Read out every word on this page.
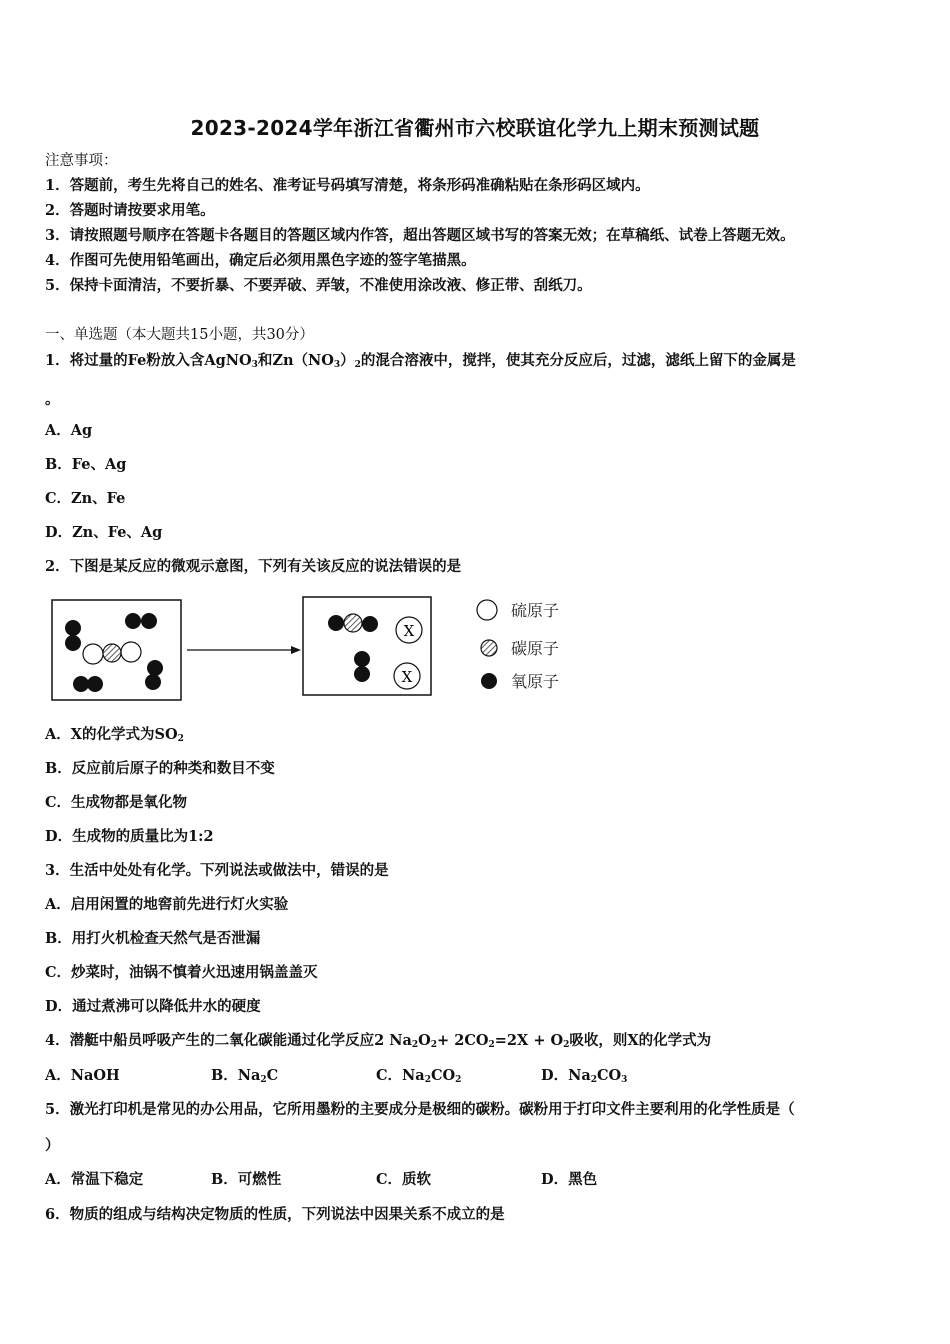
2023-2024学年浙江省衢州市六校联谊化学九上期末预测试题
注意事项：
1．答题前，考生先将自己的姓名、准考证号码填写清楚，将条形码准确粘贴在条形码区域内。
2．答题时请按要求用笔。
3．请按照题号顺序在答题卡各题目的答题区域内作答，超出答题区域书写的答案无效；在草稿纸、试卷上答题无效。
4．作图可先使用铅笔画出，确定后必须用黑色字迹的签字笔描黑。
5．保持卡面清洁，不要折暴、不要弄破、弄皱，不准使用涂改液、修正带、刮纸刀。
一、单选题（本大题共15小题，共30分）
1．将过量的Fe粉放入含AgNO$_3$和$Zn(NO_3)_2$的混合溶液中，搅拌，使其充分反应后，过滤，滤纸上留下的金属是
。
A．Ag
B．Fe、Ag
C．Zn、Fe
D．Zn、Fe、Ag
2．下图是某反应的微观示意图，下列有关该反应的说法错误的是
X
X
硫原子
碳原子
氧原子
A．X的化学式为$SO_2$
B．反应前后原子的种类和数目不变
C．生成物都是氧化物
D．生成物的质量比为1:2
3．生活中处处有化学。下列说法或做法中，错误的是
A．启用闲置的地窖前先进行灯火实验
B．用打火机检查天然气是否泄漏
C．炒菜时，油锅不慎着火迅速用锅盖盖灭
D．通过煮沸可以降低井水的硬度
4．潜艇中船员呼吸产生的二氧化碳能通过化学反应2 $Na_2O_2+ 2CO_2=2X + O_2$吸收，则X的化学式为
A．NaOH	B．$Na_2C$	C．$Na_2CO_2$	D．$Na_2CO_3$
5．激光打印机是常见的办公用品，它所用墨粉的主要成分是极细的碳粉。碳粉用于打印文件主要利用的化学性质是（
）
A．常温下稳定	B．可燃性	C．质软	D．黑色
6．物质的组成与结构决定物质的性质，下列说法中因果关系不成立的是
